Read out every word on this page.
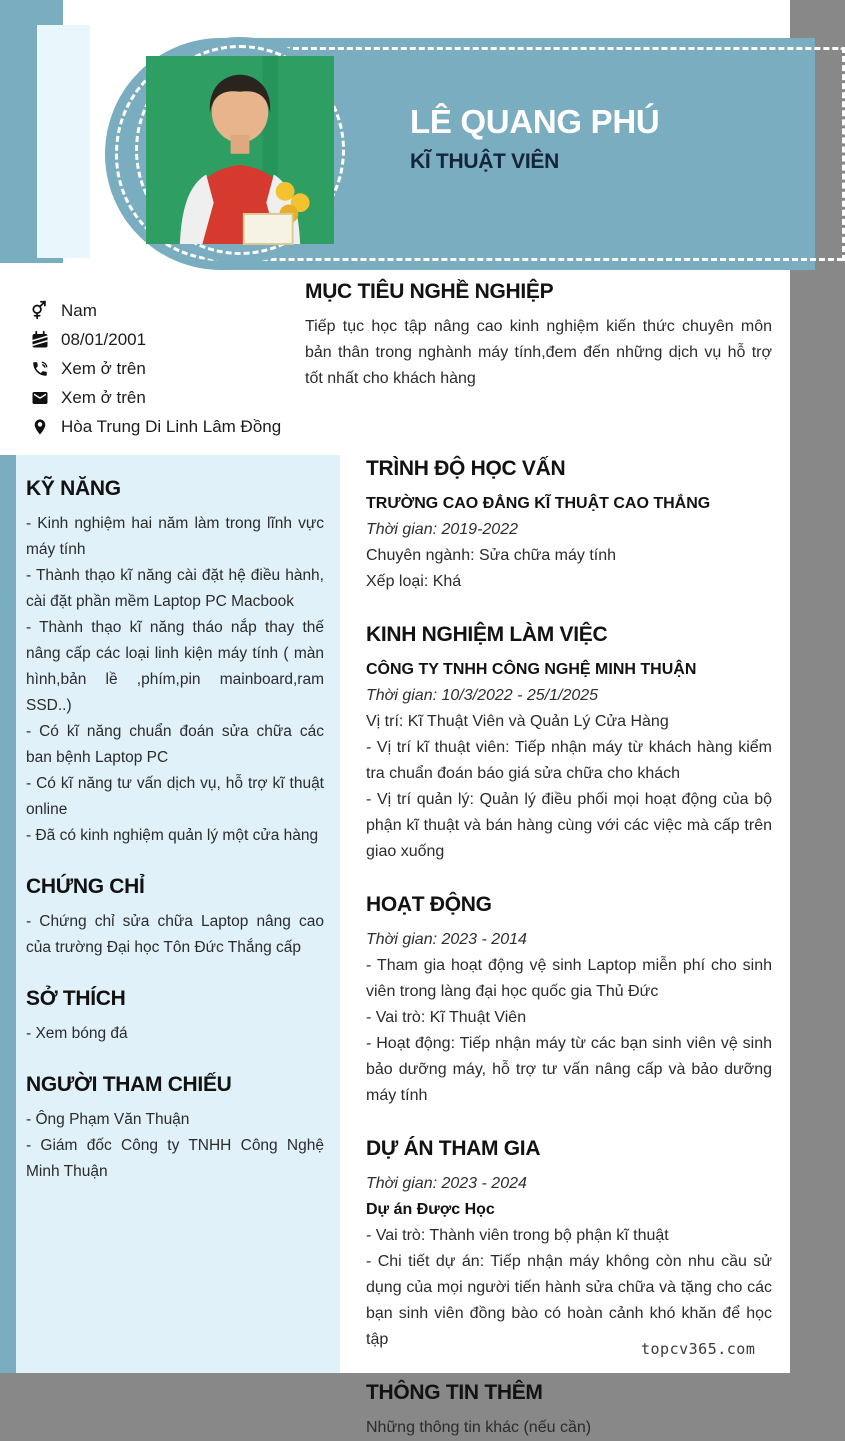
LÊ QUANG PHÚ
KĨ THUẬT VIÊN
Nam
08/01/2001
Xem ở trên
Xem ở trên
Hòa Trung Di Linh Lâm Đồng
MỤC TIÊU NGHỀ NGHIỆP

Tiếp tục học tập nâng cao kinh nghiệm kiến thức chuyên môn bản thân trong nghành máy tính,đem đến những dịch vụ hỗ trợ tốt nhất cho khách hàng

KỸ NĂNG

- Kinh nghiệm hai năm làm trong lĩnh vực máy tính

- Thành thạo kĩ năng cài đặt hệ điều hành, cài đặt phần mềm Laptop PC Macbook

- Thành thạo kĩ năng tháo nắp thay thế nâng cấp các loại linh kiện máy tính ( màn hình,bản lề ,phím,pin mainboard,ram SSD..)

- Có kĩ năng chuẩn đoán sửa chữa các ban bệnh Laptop PC

- Có kĩ năng tư vấn dịch vụ, hỗ trợ kĩ thuật online

- Đã có kinh nghiệm quản lý một cửa hàng

CHỨNG CHỈ

- Chứng chỉ sửa chữa Laptop nâng cao của trường Đại học Tôn Đức Thắng cấp

SỞ THÍCH

- Xem bóng đá

NGƯỜI THAM CHIẾU

- Ông Phạm Văn Thuận

- Giám đốc Công ty TNHH Công Nghệ Minh Thuận

TRÌNH ĐỘ HỌC VẤN
TRƯỜNG CAO ĐẲNG KĨ THUẬT CAO THẮNG
Thời gian: 2019-2022

Chuyên ngành: Sửa chữa máy tính

Xếp loại: Khá

KINH NGHIỆM LÀM VIỆC
CÔNG TY TNHH CÔNG NGHỆ MINH THUẬN
Thời gian: 10/3/2022 - 25/1/2025

Vị trí: Kĩ Thuật Viên và Quản Lý Cửa Hàng

- Vị trí kĩ thuật viên: Tiếp nhận máy từ khách hàng kiểm tra chuẩn đoán báo giá sửa chữa cho khách

- Vị trí quản lý: Quản lý điều phối mọi hoạt động của bộ phận kĩ thuật và bán hàng cùng với các việc mà cấp trên giao xuống

HOẠT ĐỘNG
Thời gian: 2023 - 2014

- Tham gia hoạt động vệ sinh Laptop miễn phí cho sinh viên trong làng đại học quốc gia Thủ Đức

- Vai trò: Kĩ Thuật Viên

- Hoạt động: Tiếp nhận máy từ các bạn sinh viên vệ sinh bảo dưỡng máy, hỗ trợ tư vấn nâng cấp và bảo dưỡng máy tính

DỰ ÁN THAM GIA
Thời gian: 2023 - 2024
Dự án Được Học

- Vai trò: Thành viên trong bộ phận kĩ thuật

- Chi tiết dự án: Tiếp nhận máy không còn nhu cầu sử dụng của mọi người tiến hành sửa chữa và tặng cho các bạn sinh viên đồng bào có hoàn cảnh khó khăn để học tập

THÔNG TIN THÊM

Những thông tin khác (nếu cần)

topcv365.com
